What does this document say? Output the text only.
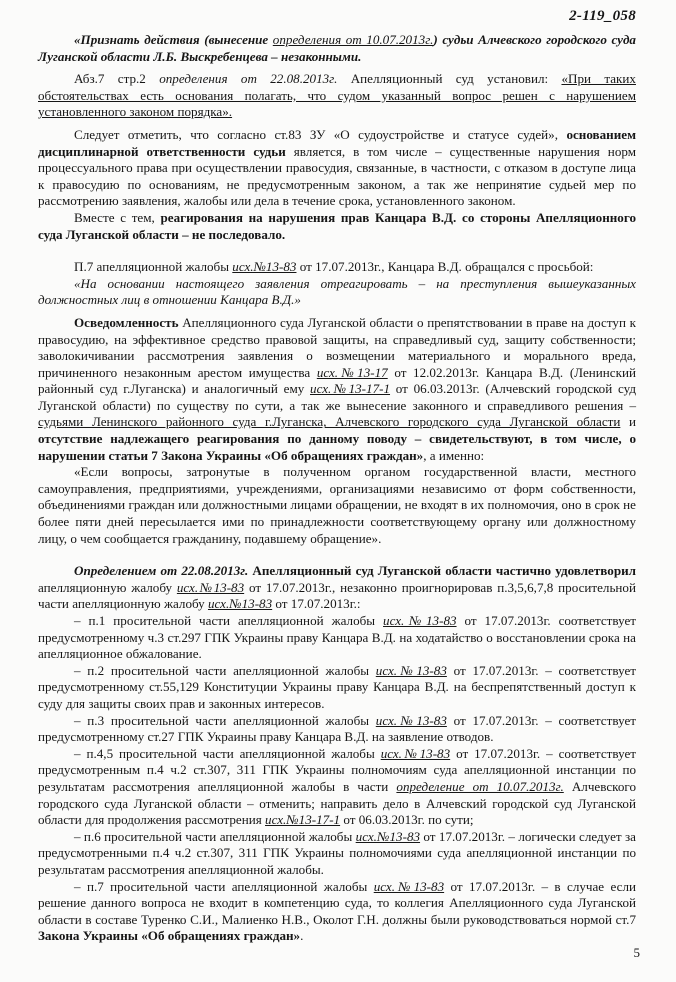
2-119_058

«Признать действия (вынесение определения от 10.07.2013г.) судьи Алчевского городского суда Луганской области Л.Б. Выскребенцева – незаконными.

Абз.7 стр.2 определения от 22.08.2013г. Апелляционный суд установил: «При таких обстоятельствах есть основания полагать, что судом указанный вопрос решен с нарушением установленного законом порядка».

Следует отметить, что согласно ст.83 ЗУ «О судоустройстве и статусе судей», основанием дисциплинарной ответственности судьи является, в том числе – существенные нарушения норм процессуального права при осуществлении правосудия, связанные, в частности, с отказом в доступе лица к правосудию по основаниям, не предусмотренным законом, а так же непринятие судьей мер по рассмотрению заявления, жалобы или дела в течение срока, установленного законом.

Вместе с тем, реагирования на нарушения прав Канцара В.Д. со стороны Апелляционного суда Луганской области – не последовало.

П.7 апелляционной жалобы исх.№13-83 от 17.07.2013г., Канцара В.Д. обращался с просьбой:

«На основании настоящего заявления отреагировать – на преступления вышеуказанных должностных лиц в отношении Канцара В.Д.»

Осведомленность Апелляционного суда Луганской области о препятствовании в праве на доступ к правосудию, на эффективное средство правовой защиты, на справедливый суд, защиту собственности; заволокичивании рассмотрения заявления о возмещении материального и морального вреда, причиненного незаконным арестом имущества исх.№13-17 от 12.02.2013г. Канцара В.Д. (Ленинский районный суд г.Луганска) и аналогичный ему исх.№13-17-1 от 06.03.2013г. (Алчевский городской суд Луганской области) по существу по сути, а так же вынесение законного и справедливого решения – судьями Ленинского районного суда г.Луганска, Алчевского городского суда Луганской области и отсутствие надлежащего реагирования по данному поводу – свидетельствуют, в том числе, о нарушении статьи 7 Закона Украины «Об обращениях граждан», а именно:

«Если вопросы, затронутые в полученном органом государственной власти, местного самоуправления, предприятиями, учреждениями, организациями независимо от форм собственности, объединениями граждан или должностными лицами обращении, не входят в их полномочия, оно в срок не более пяти дней пересылается ими по принадлежности соответствующему органу или должностному лицу, о чем сообщается гражданину, подавшему обращение».

Определением от 22.08.2013г. Апелляционный суд Луганской области частично удовлетворил апелляционную жалобу исх.№13-83 от 17.07.2013г., незаконно проигнорировав п.3,5,6,7,8 просительной части апелляционную жалобу исх.№13-83 от 17.07.2013г.:

– п.1 просительной части апелляционной жалобы исх.№13-83 от 17.07.2013г. соответствует предусмотренному ч.3 ст.297 ГПК Украины праву Канцара В.Д. на ходатайство о восстановлении срока на апелляционное обжалование.

– п.2 просительной части апелляционной жалобы исх.№13-83 от 17.07.2013г. – соответствует предусмотренному ст.55,129 Конституции Украины праву Канцара В.Д. на беспрепятственный доступ к суду для защиты своих прав и законных интересов.

– п.3 просительной части апелляционной жалобы исх.№13-83 от 17.07.2013г. – соответствует предусмотренному ст.27 ГПК Украины праву Канцара В.Д. на заявление отводов.

– п.4,5 просительной части апелляционной жалобы исх.№13-83 от 17.07.2013г. – соответствует предусмотренным п.4 ч.2 ст.307, 311 ГПК Украины полномочиям суда апелляционной инстанции по результатам рассмотрения апелляционной жалобы в части определение от 10.07.2013г. Алчевского городского суда Луганской области – отменить; направить дело в Алчевский городской суд Луганской области для продолжения рассмотрения исх.№13-17-1 от 06.03.2013г. по сути;

– п.6 просительной части апелляционной жалобы исх.№13-83 от 17.07.2013г. – логически следует за предусмотренными п.4 ч.2 ст.307, 311 ГПК Украины полномочиями суда апелляционной инстанции по результатам рассмотрения апелляционной жалобы.

– п.7 просительной части апелляционной жалобы исх.№13-83 от 17.07.2013г. – в случае если решение данного вопроса не входит в компетенцию суда, то коллегия Апелляционного суда Луганской области в составе Туренко С.И., Малиенко Н.В., Околот Г.Н. должны были руководствоваться нормой ст.7 Закона Украины «Об обращениях граждан».

5
